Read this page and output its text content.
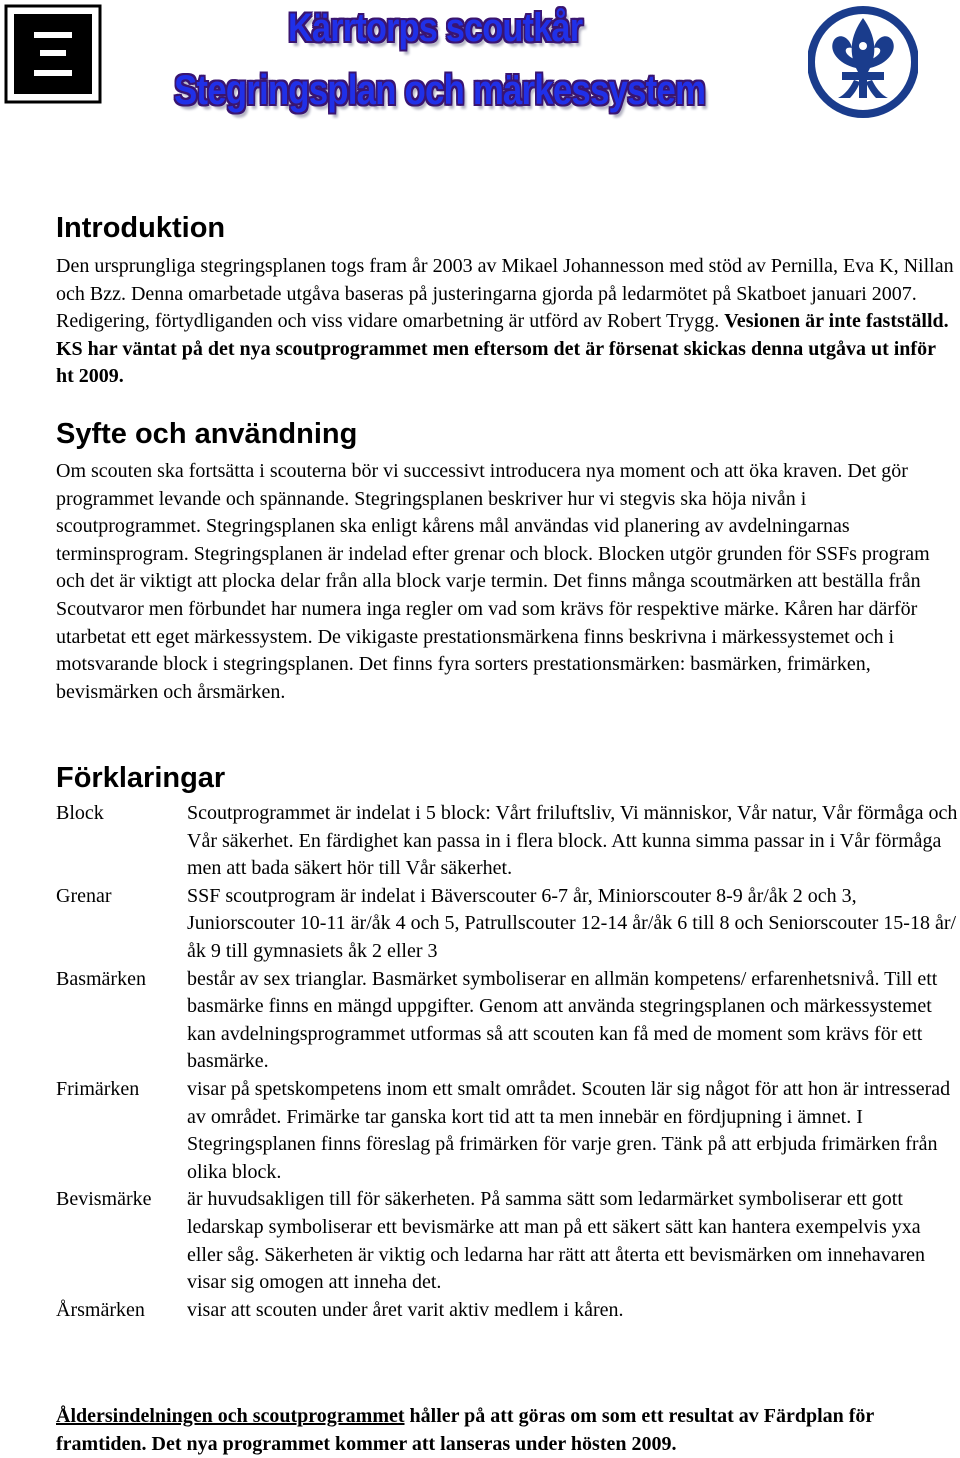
Kärrtorps scoutkår
Stegringsplan och märkessystem
Introduktion

Den ursprungliga stegringsplanen togs fram år 2003 av Mikael Johannesson med stöd av Pernilla, Eva K, Nillan och Bzz. Denna omarbetade utgåva baseras på justeringarna gjorda på ledarmötet på Skatboet januari 2007. Redigering, förtydliganden och viss vidare omarbetning är utförd av Robert Trygg. Vesionen är inte fastställd. KS har väntat på det nya scoutprogrammet men eftersom det är försenat skickas denna utgåva ut inför ht 2009.

Syfte och användning

Om scouten ska fortsätta i scouterna bör vi successivt introducera nya moment och att öka kraven. Det gör programmet levande och spännande. Stegringsplanen beskriver hur vi stegvis ska höja nivån i scoutprogrammet. Stegringsplanen ska enligt kårens mål användas vid planering av avdelningarnas terminsprogram. Stegringsplanen är indelad efter grenar och block. Blocken utgör grunden för SSFs program och det är viktigt att plocka delar från alla block varje termin. Det finns många scoutmärken att beställa från Scoutvaror men förbundet har numera inga regler om vad som krävs för respektive märke. Kåren har därför utarbetat ett eget märkessystem. De vikigaste prestationsmärkena finns beskrivna i märkessystemet och i motsvarande block i stegringsplanen. Det finns fyra sorters prestationsmärken: basmärken, frimärken, bevismärken och årsmärken.

Förklaringar
Block	Scoutprogrammet är indelat i 5 block: Vårt friluftsliv, Vi människor, Vår natur, Vår förmåga och Vår säkerhet. En färdighet kan passa in i flera block. Att kunna simma passar in i Vår förmåga men att bada säkert hör till Vår säkerhet.
Grenar	SSF scoutprogram är indelat i Bäverscouter 6-7 år, Miniorscouter 8-9 år/åk 2 och 3, Juniorscouter 10-11 är/åk 4 och 5, Patrullscouter 12-14 år/åk 6 till 8 och Seniorscouter 15-18 år/åk 9 till gymnasiets åk 2 eller 3
Basmärken	består av sex trianglar. Basmärket symboliserar en allmän kompetens/ erfarenhetsnivå. Till ett basmärke finns en mängd uppgifter. Genom att använda stegringsplanen och märkessystemet kan avdelningsprogrammet utformas så att scouten kan få med de moment som krävs för ett basmärke.
Frimärken	visar på spetskompetens inom ett smalt området. Scouten lär sig något för att hon är intresserad av området. Frimärke tar ganska kort tid att ta men innebär en fördjupning i ämnet. I Stegringsplanen finns föreslag på frimärken för varje gren. Tänk på att erbjuda frimärken från olika block.
Bevismärke	är huvudsakligen till för säkerheten. På samma sätt som ledarmärket symboliserar ett gott ledarskap symboliserar ett bevismärke att man på ett säkert sätt kan hantera exempelvis yxa eller såg. Säkerheten är viktig och ledarna har rätt att återta ett bevismärken om innehavaren visar sig omogen att inneha det.
Årsmärken	visar att scouten under året varit aktiv medlem i kåren.

Åldersindelningen och scoutprogrammet håller på att göras om som ett resultat av Färdplan för framtiden. Det nya programmet kommer att lanseras under hösten 2009.
